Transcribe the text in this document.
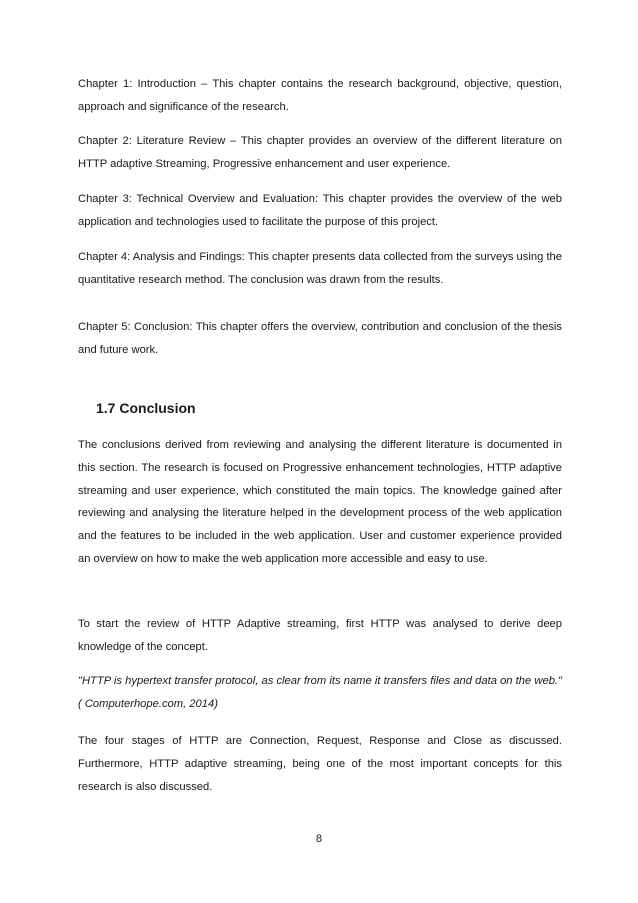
Chapter 1: Introduction – This chapter contains the research background, objective, question, approach and significance of the research.

Chapter 2: Literature Review – This chapter provides an overview of the different literature on HTTP adaptive Streaming, Progressive enhancement and user experience.

Chapter 3: Technical Overview and Evaluation: This chapter provides the overview of the web application and technologies used to facilitate the purpose of this project.

Chapter 4: Analysis and Findings: This chapter presents data collected from the surveys using the quantitative research method. The conclusion was drawn from the results.

Chapter 5: Conclusion: This chapter offers the overview, contribution and conclusion of the thesis and future work.

1.7 Conclusion

The conclusions derived from reviewing and analysing the different literature is documented in this section. The research is focused on Progressive enhancement technologies, HTTP adaptive streaming and user experience, which constituted the main topics. The knowledge gained after reviewing and analysing the literature helped in the development process of the web application and the features to be included in the web application. User and customer experience provided an overview on how to make the web application more accessible and easy to use.

To start the review of HTTP Adaptive streaming, first HTTP was analysed to derive deep knowledge of the concept.

"HTTP is hypertext transfer protocol, as clear from its name it transfers files and data on the web."( Computerhope.com, 2014)

The four stages of HTTP are Connection, Request, Response and Close as discussed. Furthermore, HTTP adaptive streaming, being one of the most important concepts for this research is also discussed.

8
